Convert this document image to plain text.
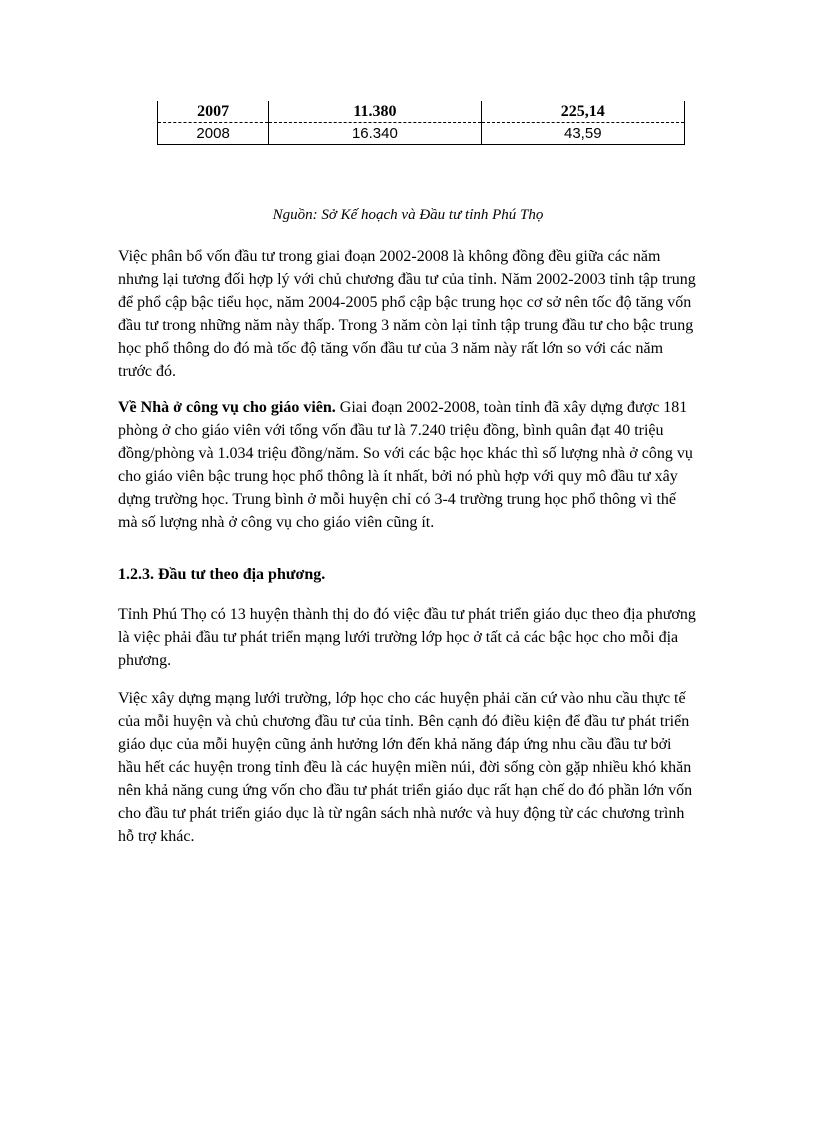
2007	11.380	225,14
2008	16.340	43,59
Nguồn: Sở Kế hoạch và Đầu tư tỉnh Phú Thọ

Việc phân bổ vốn đầu tư trong giai đoạn 2002-2008 là không đồng đều giữa các năm nhưng lại tương đối hợp lý với chủ chương đầu tư của tỉnh. Năm 2002-2003 tỉnh tập trung để phổ cập bậc tiểu học, năm 2004-2005 phổ cập bậc trung học cơ sở nên tốc độ tăng vốn đầu tư trong những năm này thấp. Trong 3 năm còn lại tỉnh tập trung đầu tư cho bậc trung học phổ thông do đó mà tốc độ tăng vốn đầu tư của 3 năm này rất lớn so với các năm trước đó.

Về Nhà ở công vụ cho giáo viên. Giai đoạn 2002-2008, toàn tỉnh đã xây dựng được 181 phòng ở cho giáo viên với tổng vốn đầu tư là 7.240 triệu đồng, bình quân đạt 40 triệu đồng/phòng và 1.034 triệu đồng/năm. So với các bậc học khác thì số lượng nhà ở công vụ cho giáo viên bậc trung học phổ thông là ít nhất, bởi nó phù hợp với quy mô đầu tư xây dựng trường học. Trung bình ở mỗi huyện chỉ có 3-4 trường trung học phổ thông vì thế mà số lượng nhà ở công vụ cho giáo viên cũng ít.

1.2.3. Đầu tư theo địa phương.

Tỉnh Phú Thọ có 13 huyện thành thị do đó việc đầu tư phát triển giáo dục theo địa phương là việc phải đầu tư phát triển mạng lưới trường lớp học ở tất cả các bậc học cho mỗi địa phương.

Việc xây dựng mạng lưới trường, lớp học cho các huyện phải căn cứ vào nhu cầu thực tế của mỗi huyện và chủ chương đầu tư của tỉnh. Bên cạnh đó điều kiện để đầu tư phát triển giáo dục của mỗi huyện cũng ảnh hưởng lớn đến khả năng đáp ứng nhu cầu đầu tư bởi hầu hết các huyện trong tỉnh đều là các huyện miền núi, đời sống còn gặp nhiều khó khăn nên khả năng cung ứng vốn cho đầu tư phát triển giáo dục rất hạn chế do đó phần lớn vốn cho đầu tư phát triển giáo dục là từ ngân sách nhà nước và huy động từ các chương trình hỗ trợ khác.
